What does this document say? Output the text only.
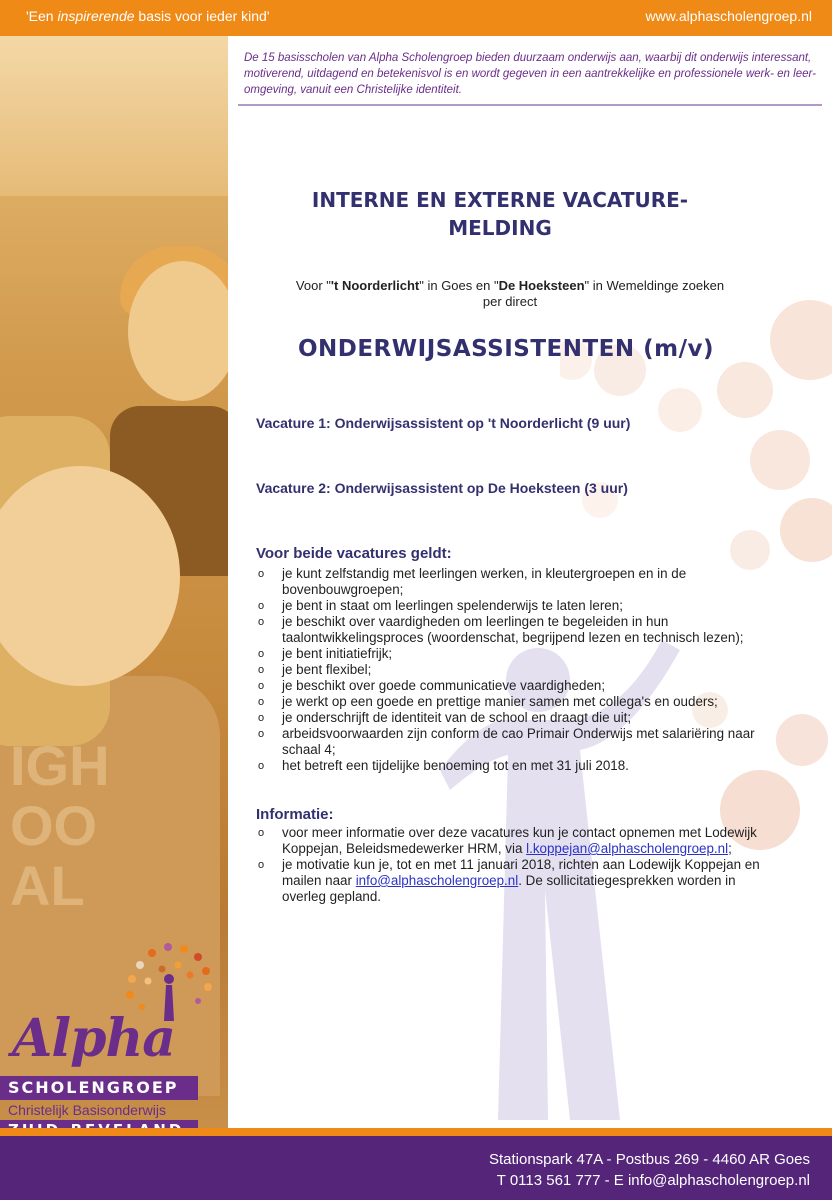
'Een inspirerende basis voor ieder kind'	www.alphascholengroep.nl
IGH
OO
AL
De 15 basisscholen van Alpha Scholengroep bieden duurzaam onderwijs aan, waarbij dit onderwijs interessant, motiverend, uitdagend en betekenisvol is en wordt gegeven in een aantrekkelijke en professionele werk- en leer-omgeving, vanuit een Christelijke identiteit.
INTERNE EN EXTERNE VACATURE-
MELDING
Voor "'t Noorderlicht" in Goes en "De Hoeksteen" in Wemeldinge zoeken
per direct
ONDERWIJSASSISTENTEN (m/v)
Vacature 1: Onderwijsassistent op 't Noorderlicht (9 uur)
Vacature 2: Onderwijsassistent op De Hoeksteen (3 uur)
Voor beide vacatures geldt:
o je kunt zelfstandig met leerlingen werken, in kleutergroepen en in de bovenbouwgroepen;
o je bent in staat om leerlingen spelenderwijs te laten leren;
o je beschikt over vaardigheden om leerlingen te begeleiden in hun taalontwikkelingsproces (woordenschat, begrijpend lezen en technisch lezen);
o je bent initiatiefrijk;
o je bent flexibel;
o je beschikt over goede communicatieve vaardigheden;
o je werkt op een goede en prettige manier samen met collega's en ouders;
o je onderschrijft de identiteit van de school en draagt die uit;
o arbeidsvoorwaarden zijn conform de cao Primair Onderwijs met salariëring naar schaal 4;
o het betreft een tijdelijke benoeming tot en met 31 juli 2018.
Informatie:
o voor meer informatie over deze vacatures kun je contact opnemen met Lodewijk Koppejan, Beleidsmedewerker HRM, via l.koppejan@alphascholengroep.nl;
o je motivatie kun je, tot en met 11 januari 2018, richten aan Lodewijk Koppejan en mailen naar info@alphascholengroep.nl. De sollicitatiegesprekken worden in overleg gepland.
Alpha
SCHOLENGROEP
Christelijk Basisonderwijs
Stationspark 47A - Postbus 269 - 4460 AR Goes
T 0113 561 777 - E info@alphascholengroep.nl
